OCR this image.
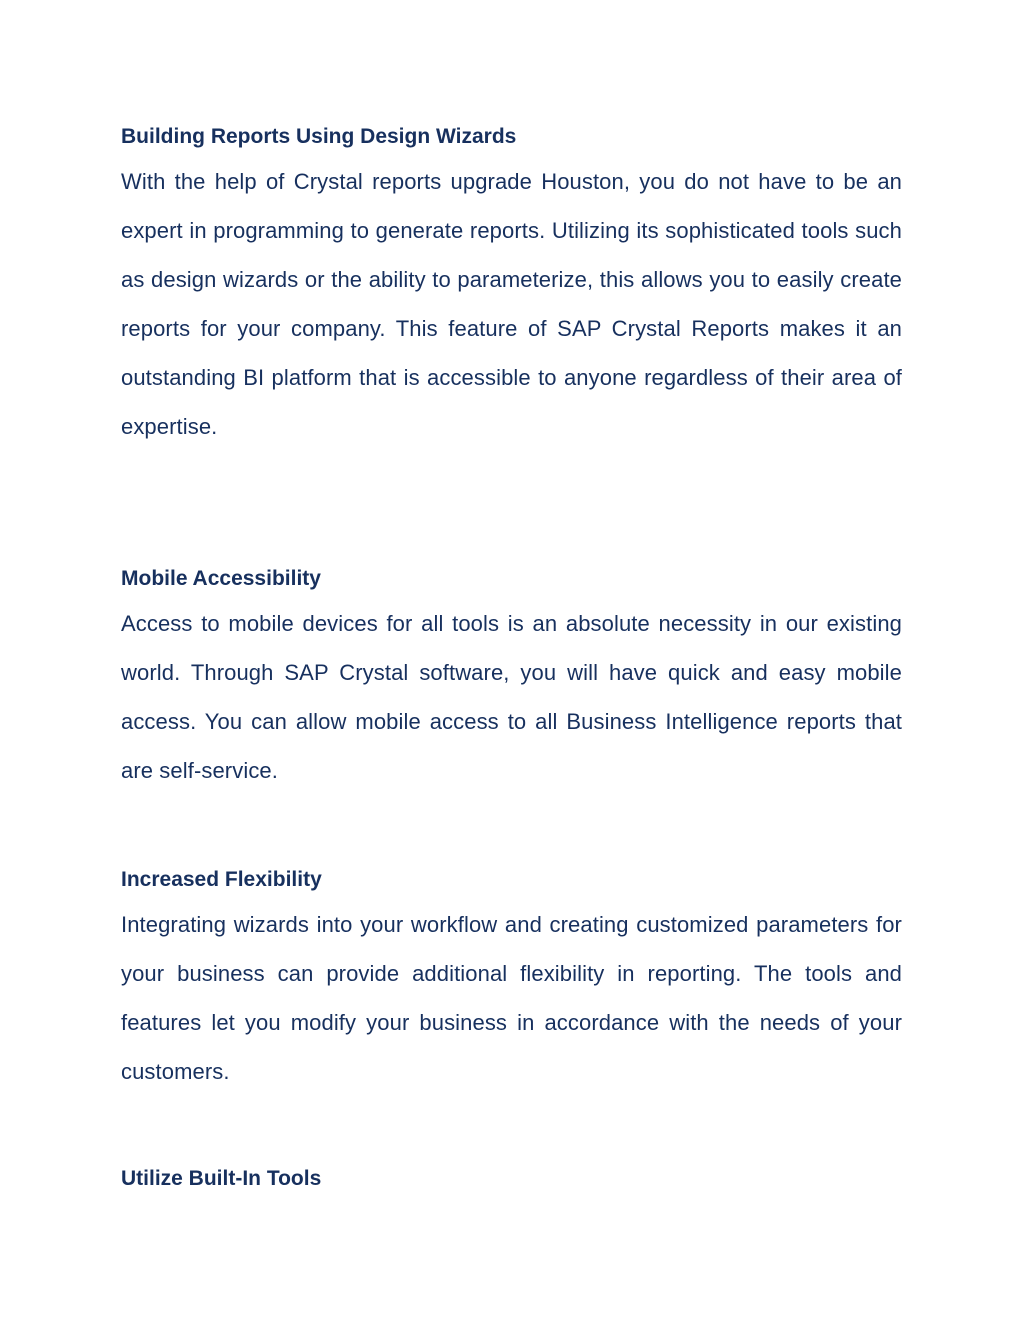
Building Reports Using Design Wizards

With the help of Crystal reports upgrade Houston, you do not have to be an expert in programming to generate reports. Utilizing its sophisticated tools such as design wizards or the ability to parameterize, this allows you to easily create reports for your company. This feature of SAP Crystal Reports makes it an outstanding BI platform that is accessible to anyone regardless of their area of expertise.

Mobile Accessibility

Access to mobile devices for all tools is an absolute necessity in our existing world. Through SAP Crystal software, you will have quick and easy mobile access. You can allow mobile access to all Business Intelligence reports that are self-service.

Increased Flexibility

Integrating wizards into your workflow and creating customized parameters for your business can provide additional flexibility in reporting. The tools and features let you modify your business in accordance with the needs of your customers.

Utilize Built-In Tools
